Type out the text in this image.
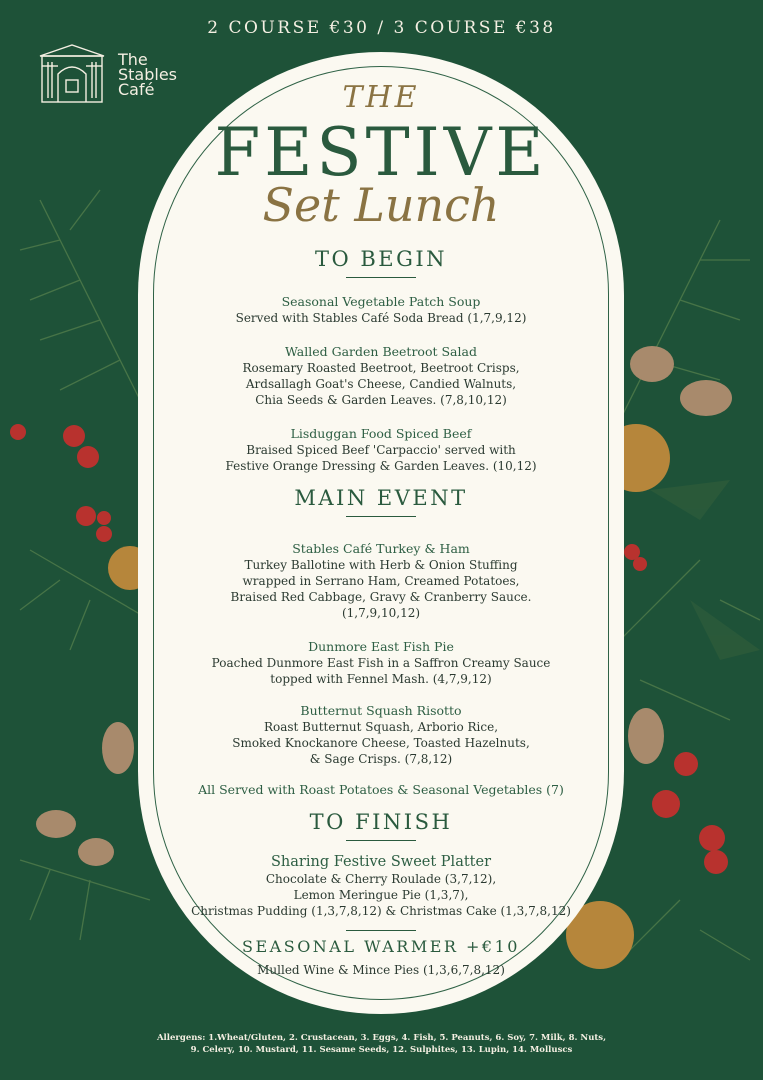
2 COURSE €30 / 3 COURSE €38
The
Stables
Café	THE
FESTIVE
Set Lunch
TO BEGIN
Seasonal Vegetable Patch Soup
Served with Stables Café Soda Bread (1,7,9,12)
Walled Garden Beetroot Salad
Rosemary Roasted Beetroot, Beetroot Crisps,
Ardsallagh Goat's Cheese, Candied Walnuts,
Chia Seeds & Garden Leaves. (7,8,10,12)
Lisduggan Food Spiced Beef
Braised Spiced Beef 'Carpaccio' served with
Festive Orange Dressing & Garden Leaves. (10,12)
MAIN EVENT
Stables Café Turkey & Ham
Turkey Ballotine with Herb & Onion Stuffing
wrapped in Serrano Ham, Creamed Potatoes,
Braised Red Cabbage, Gravy & Cranberry Sauce.
(1,7,9,10,12)
Dunmore East Fish Pie
Poached Dunmore East Fish in a Saffron Creamy Sauce
topped with Fennel Mash. (4,7,9,12)
Butternut Squash Risotto
Roast Butternut Squash, Arborio Rice,
Smoked Knockanore Cheese, Toasted Hazelnuts,
& Sage Crisps. (7,8,12)
All Served with Roast Potatoes & Seasonal Vegetables (7)
TO FINISH
Sharing Festive Sweet Platter
Chocolate & Cherry Roulade (3,7,12),
Lemon Meringue Pie (1,3,7),
Christmas Pudding (1,3,7,8,12) & Christmas Cake (1,3,7,8,12)
SEASONAL WARMER +€10
Mulled Wine & Mince Pies (1,3,6,7,8,12)
Allergens: 1.Wheat/Gluten, 2. Crustacean, 3. Eggs, 4. Fish, 5. Peanuts, 6. Soy, 7. Milk, 8. Nuts,
9. Celery, 10. Mustard, 11. Sesame Seeds, 12. Sulphites, 13. Lupin, 14. Molluscs
